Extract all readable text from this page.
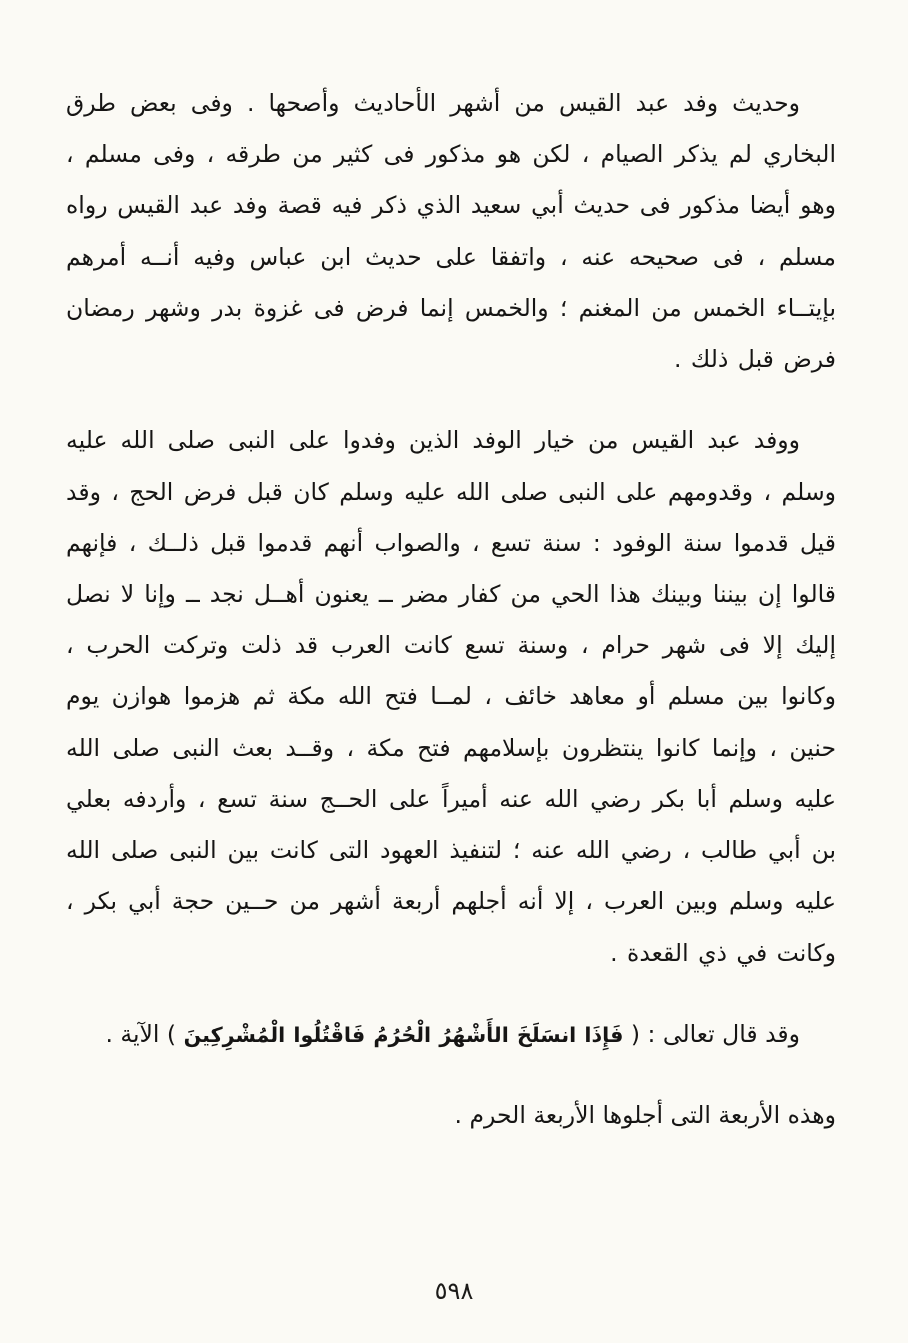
وحديث وفد عبد القيس من أشهر الأحاديث وأصحها . وفى بعض طرق البخاري لم يذكر الصيام ، لكن هو مذكور فى كثير من طرقه ، وفى مسلم ، وهو أيضا مذكور فى حديث أبي سعيد الذي ذكر فيه قصة وفد عبد القيس رواه مسلم ، فى صحيحه عنه ، واتفقا على حديث ابن عباس وفيه أنــه أمرهم بإيتــاء الخمس من المغنم ؛ والخمس إنما فرض فى غزوة بدر وشهر رمضان فرض قبل ذلك .

ووفد عبد القيس من خيار الوفد الذين وفدوا على النبى صلى الله عليه وسلم ، وقدومهم على النبى صلى الله عليه وسلم كان قبل فرض الحج ، وقد قيل قدموا سنة الوفود : سنة تسع ، والصواب أنهم قدموا قبل ذلــك ، فإنهم قالوا إن بيننا وبينك هذا الحي من كفار مضر ــ يعنون أهــل نجد ــ وإنا لا نصل إليك إلا فى شهر حرام ، وسنة تسع كانت العرب قد ذلت وتركت الحرب ، وكانوا بين مسلم أو معاهد خائف ، لمــا فتح الله مكة ثم هزموا هوازن يوم حنين ، وإنما كانوا ينتظرون بإسلامهم فتح مكة ، وقــد بعث النبى صلى الله عليه وسلم أبا بكر رضي الله عنه أميراً على الحــج سنة تسع ، وأردفه بعلي بن أبي طالب ، رضي الله عنه ؛ لتنفيذ العهود التى كانت بين النبى صلى الله عليه وسلم وبين العرب ، إلا أنه أجلهم أربعة أشهر من حــين حجة أبي بكر ، وكانت في ذي القعدة .

وقد قال تعالى : ( فَإِذَا انسَلَخَ الأَشْهُرُ الْحُرُمُ فَاقْتُلُوا الْمُشْرِكِينَ ) الآية .

وهذه الأربعة التى أجلوها الأربعة الحرم .

٥٩٨
